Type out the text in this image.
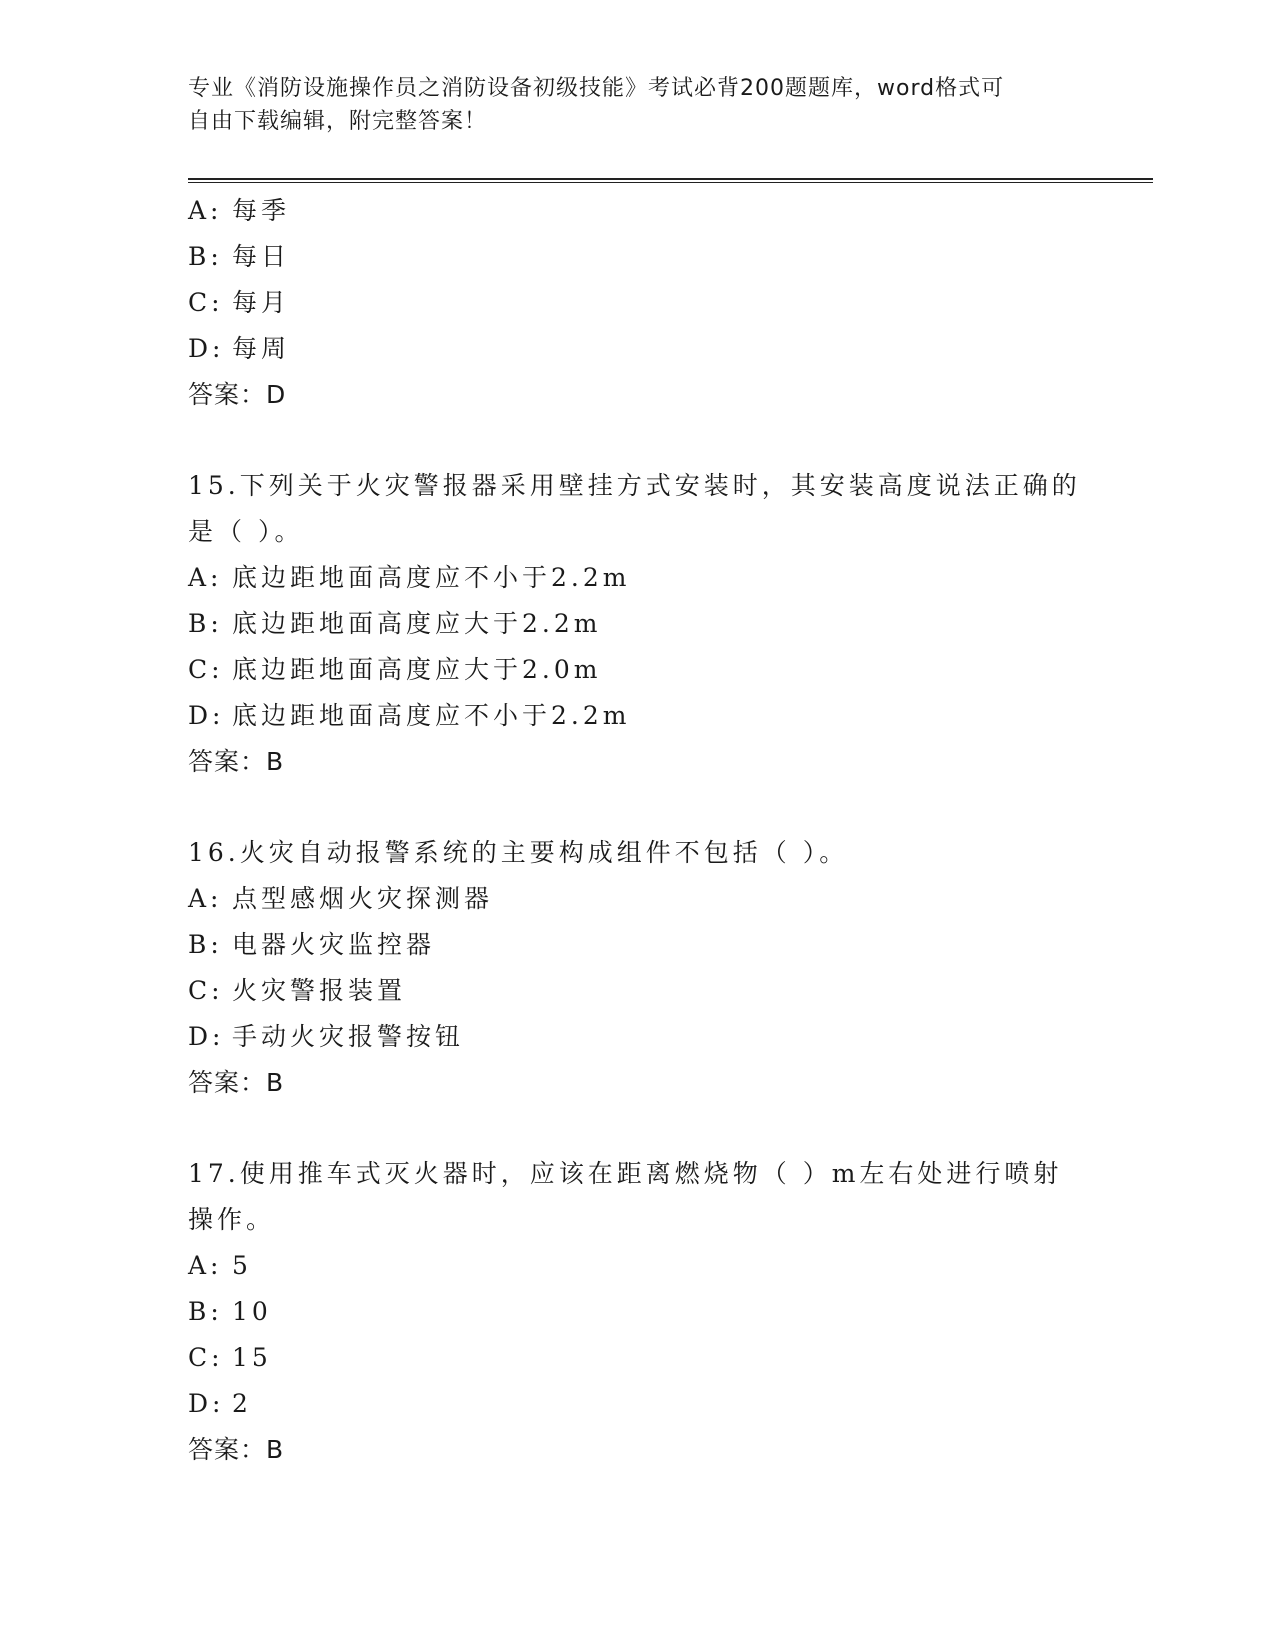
专业《消防设施操作员之消防设备初级技能》考试必背200题题库，word格式可
自由下载编辑，附完整答案！
A: 每季
B: 每日
C: 每月
D: 每周
答案：D
15.下列关于火灾警报器采用壁挂方式安装时，其安装高度说法正确的
是（ ）。
A: 底边距地面高度应不小于2.2m
B: 底边距地面高度应大于2.2m
C: 底边距地面高度应大于2.0m
D: 底边距地面高度应不小于2.2m
答案：B
16.火灾自动报警系统的主要构成组件不包括（ ）。
A: 点型感烟火灾探测器
B: 电器火灾监控器
C: 火灾警报装置
D: 手动火灾报警按钮
答案：B
17.使用推车式灭火器时，应该在距离燃烧物（ ）m左右处进行喷射
操作。
A: 5
B: 10
C: 15
D: 2
答案：B
